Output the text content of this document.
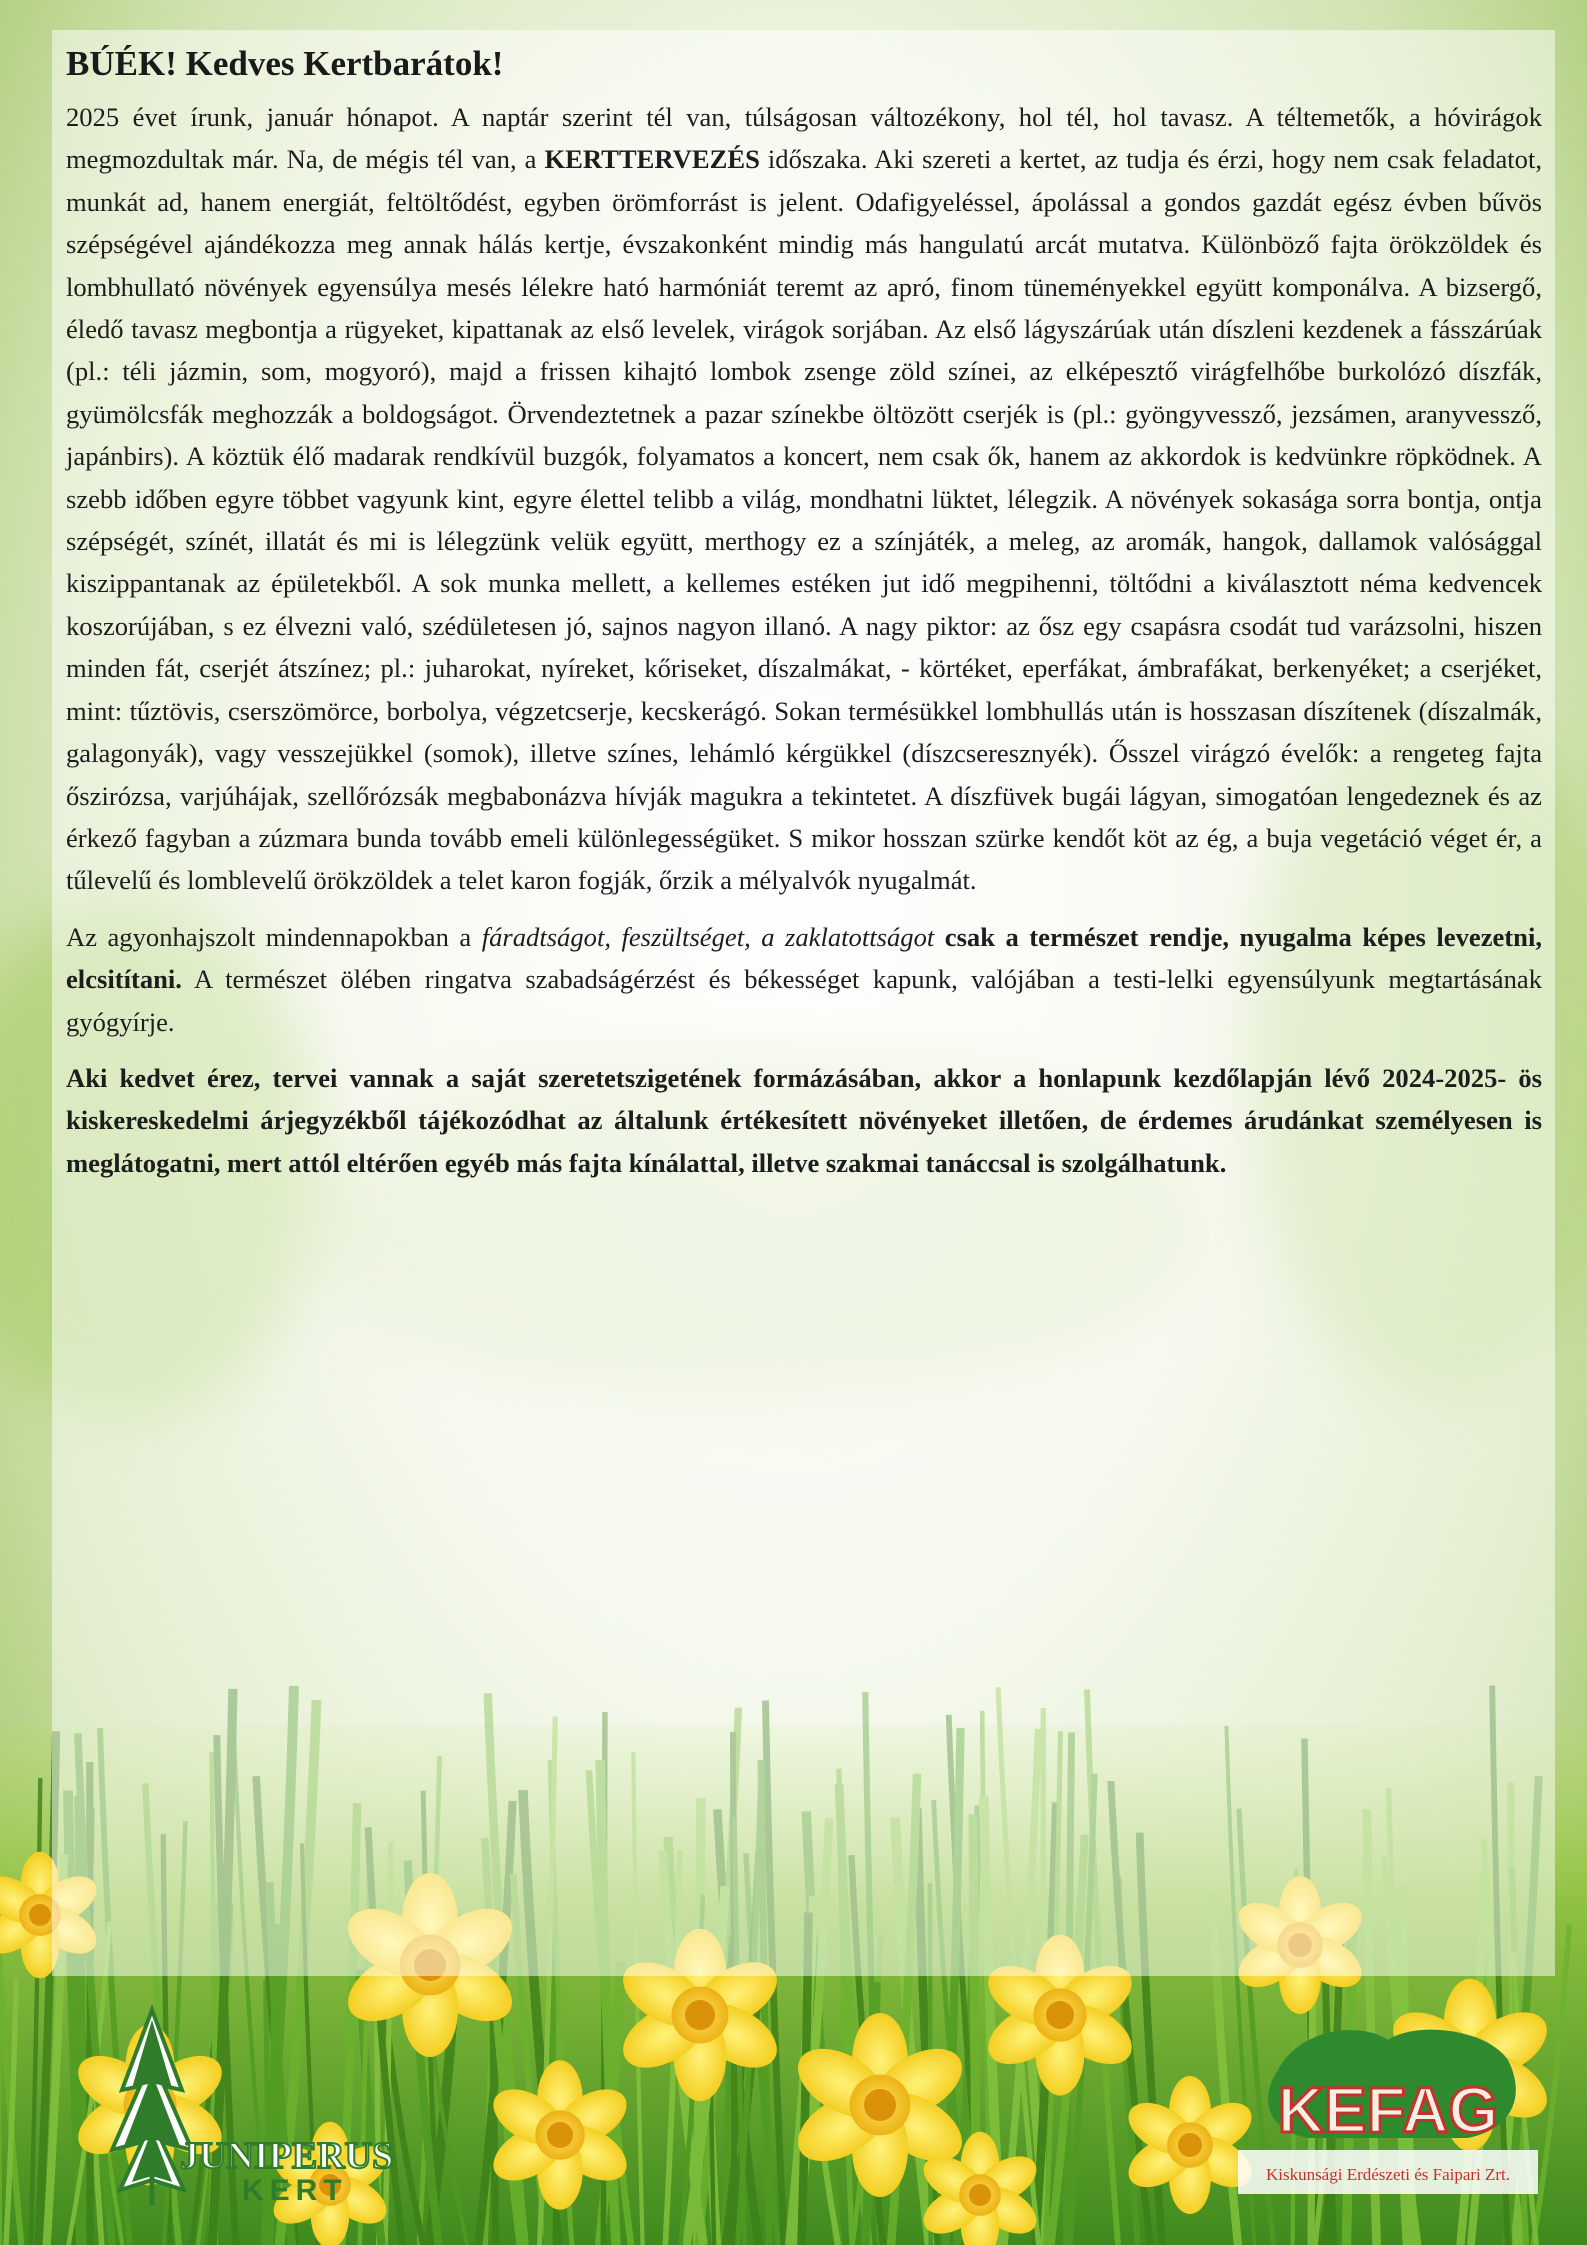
BÚÉK! Kedves Kertbarátok!

2025 évet írunk, január hónapot. A naptár szerint tél van, túlságosan változékony, hol tél, hol tavasz. A téltemetők, a hóvirágok megmozdultak már. Na, de mégis tél van, a KERTTERVEZÉS időszaka. Aki szereti a kertet, az tudja és érzi, hogy nem csak feladatot, munkát ad, hanem energiát, feltöltődést, egyben örömforrást is jelent. Odafigyeléssel, ápolással a gondos gazdát egész évben bűvös szépségével ajándékozza meg annak hálás kertje, évszakonként mindig más hangulatú arcát mutatva. Különböző fajta örökzöldek és lombhullató növények egyensúlya mesés lélekre ható harmóniát teremt az apró, finom tüneményekkel együtt komponálva. A bizsergő, éledő tavasz megbontja a rügyeket, kipattanak az első levelek, virágok sorjában. Az első lágyszárúak után díszleni kezdenek a fásszárúak (pl.: téli jázmin, som, mogyoró), majd a frissen kihajtó lombok zsenge zöld színei, az elképesztő virágfelhőbe burkolózó díszfák, gyümölcsfák meghozzák a boldogságot. Örvendeztetnek a pazar színekbe öltözött cserjék is (pl.: gyöngyvessző, jezsámen, aranyvessző, japánbirs). A köztük élő madarak rendkívül buzgók, folyamatos a koncert, nem csak ők, hanem az akkordok is kedvünkre röpködnek. A szebb időben egyre többet vagyunk kint, egyre élettel telibb a világ, mondhatni lüktet, lélegzik. A növények sokasága sorra bontja, ontja szépségét, színét, illatát és mi is lélegzünk velük együtt, merthogy ez a színjáték, a meleg, az aromák, hangok, dallamok valósággal kiszippantanak az épületekből. A sok munka mellett, a kellemes estéken jut idő megpihenni, töltődni a kiválasztott néma kedvencek koszorújában, s ez élvezni való, szédületesen jó, sajnos nagyon illanó. A nagy piktor: az ősz egy csapásra csodát tud varázsolni, hiszen minden fát, cserjét átszínez; pl.: juharokat, nyíreket, kőriseket, díszalmákat, - körtéket, eperfákat, ámbrafákat, berkenyéket; a cserjéket, mint: tűztövis, cserszömörce, borbolya, végzetcserje, kecskerágó. Sokan termésükkel lombhullás után is hosszasan díszítenek (díszalmák, galagonyák), vagy vesszejükkel (somok), illetve színes, lehámló kérgükkel (díszcseresznyék). Ősszel virágzó évelők: a rengeteg fajta őszirózsa, varjúhájak, szellőrózsák megbabonázva hívják magukra a tekintetet. A díszfüvek bugái lágyan, simogatóan lengedeznek és az érkező fagyban a zúzmara bunda tovább emeli különlegességüket. S mikor hosszan szürke kendőt köt az ég, a buja vegetáció véget ér, a tűlevelű és lomblevelű örökzöldek a telet karon fogják, őrzik a mélyalvók nyugalmát.

Az agyonhajszolt mindennapokban a fáradtságot, feszültséget, a zaklatottságot csak a természet rendje, nyugalma képes levezetni, elcsitítani. A természet ölében ringatva szabadságérzést és békességet kapunk, valójában a testi-lelki egyensúlyunk megtartásának gyógyírje.

Aki kedvet érez, tervei vannak a saját szeretetszigetének formázásában, akkor a honlapunk kezdőlapján lévő 2024-2025- ös kiskereskedelmi árjegyzékből tájékozódhat az általunk értékesített növényeket illetően, de érdemes árudánkat személyesen is meglátogatni, mert attól eltérően egyéb más fajta kínálattal, illetve szakmai tanáccsal is szolgálhatunk.

JUNIPERUS
KERT
KEFAG
Kiskunsági Erdészeti és Faipari Zrt.
